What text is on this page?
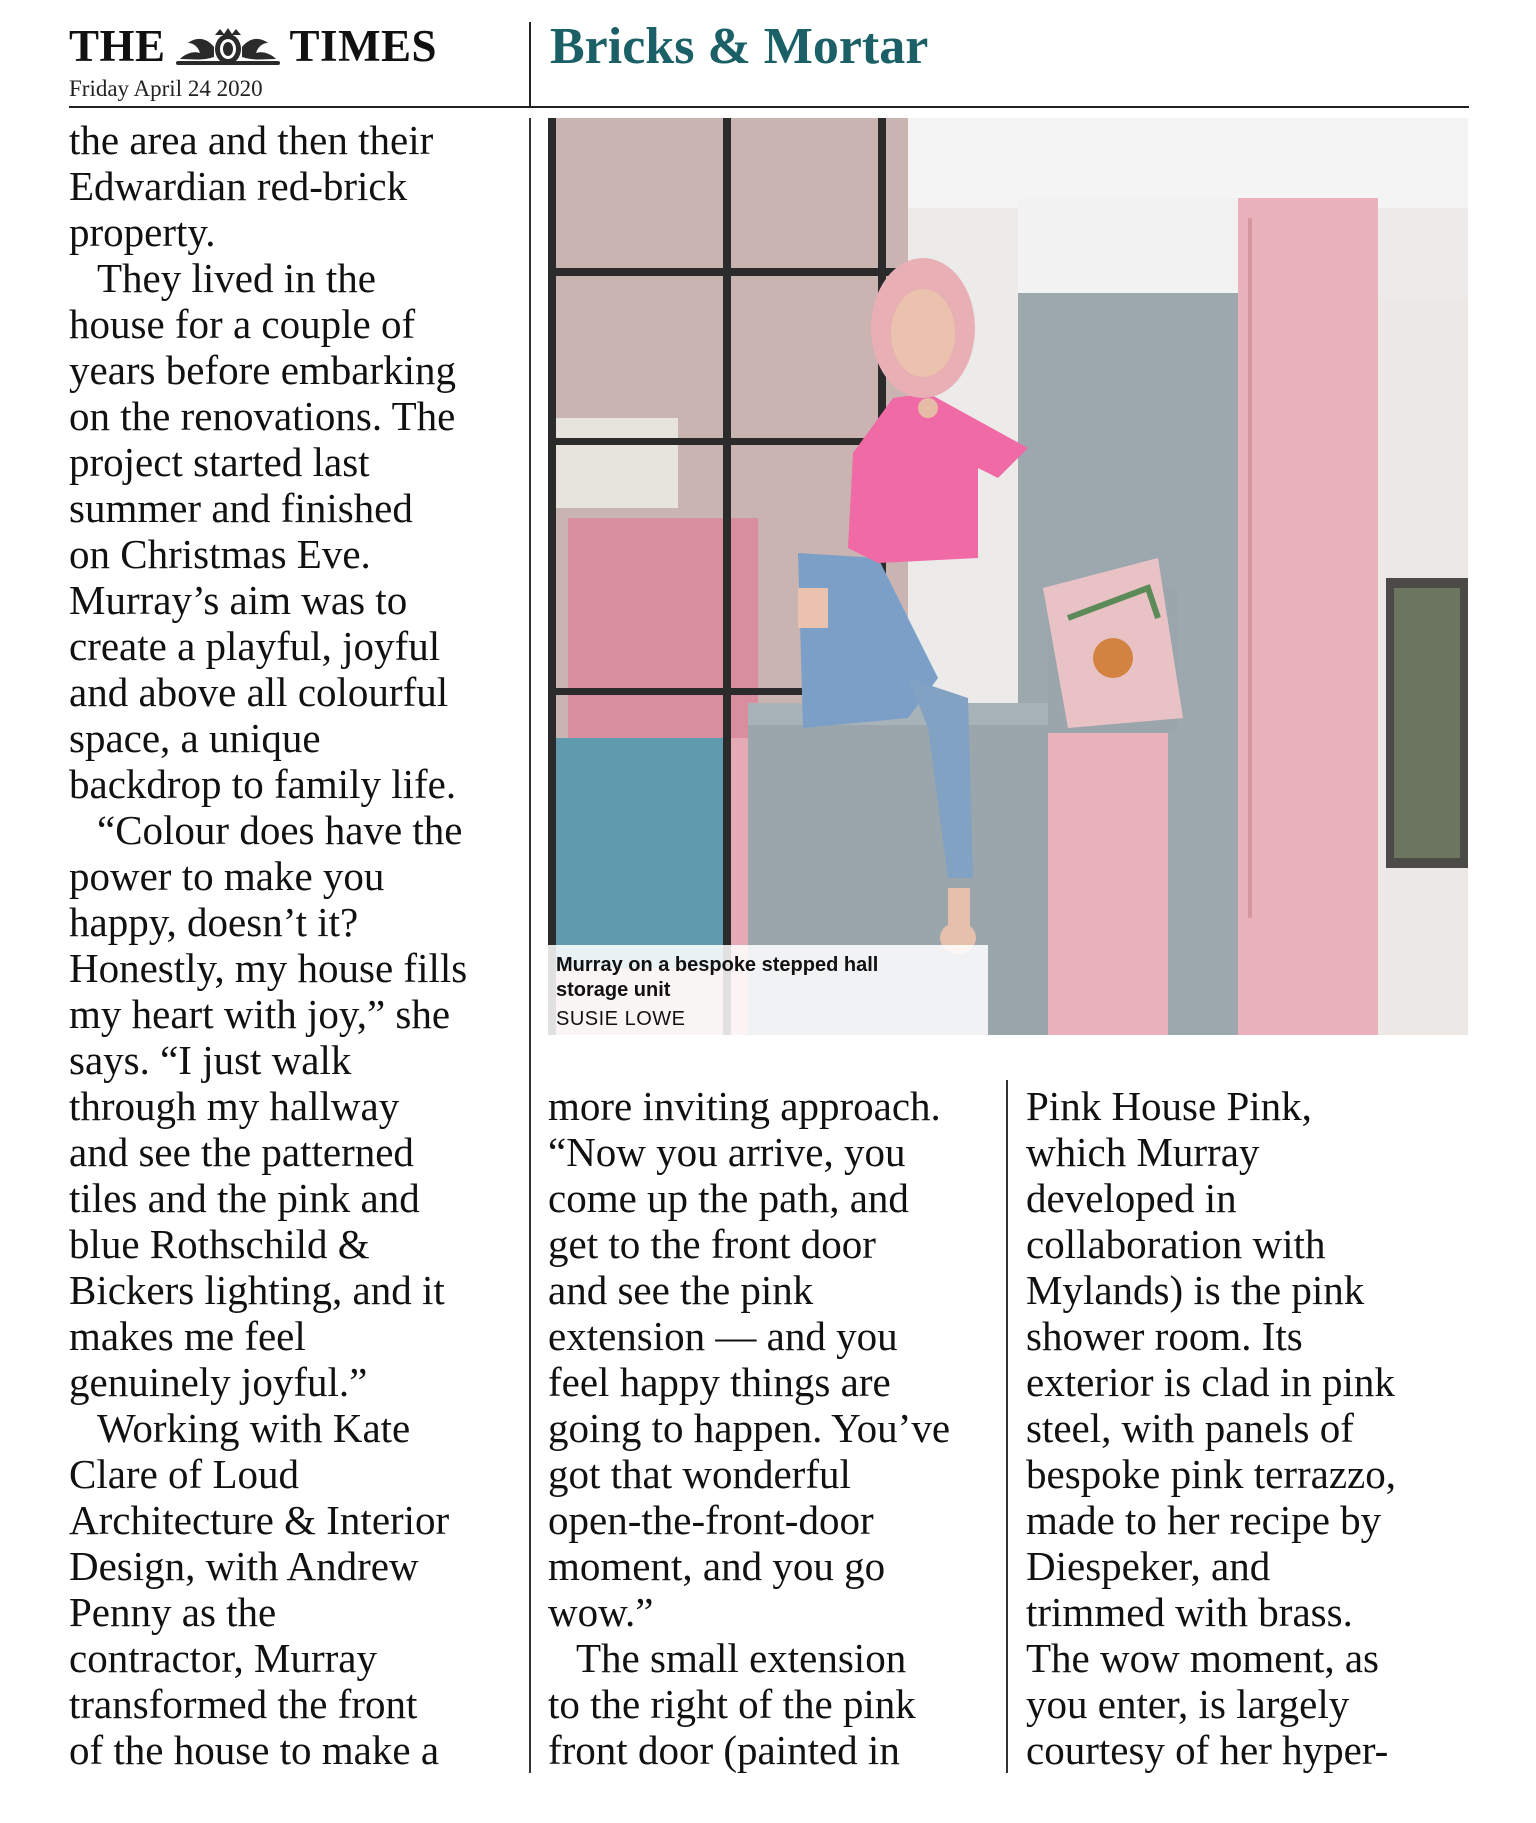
THE	TIMES
Friday April 24 2020
Bricks & Mortar
the area and then their
Edwardian red-brick
property.
They lived in the
house for a couple of
years before embarking
on the renovations. The
project started last
summer and finished
on Christmas Eve.
Murray’s aim was to
create a playful, joyful
and above all colourful
space, a unique
backdrop to family life.
“Colour does have the
power to make you
happy, doesn’t it?
Honestly, my house fills
my heart with joy,” she
says. “I just walk
through my hallway
and see the patterned
tiles and the pink and
blue Rothschild &
Bickers lighting, and it
makes me feel
genuinely joyful.”
Working with Kate
Clare of Loud
Architecture & Interior
Design, with Andrew
Penny as the
contractor, Murray
transformed the front
of the house to make a
Murray on a bespoke stepped hall
storage unit
SUSIE LOWE
more inviting approach.
“Now you arrive, you
come up the path, and
get to the front door
and see the pink
extension — and you
feel happy things are
going to happen. You’ve
got that wonderful
open-the-front-door
moment, and you go
wow.”
The small extension
to the right of the pink
front door (painted in
Pink House Pink,
which Murray
developed in
collaboration with
Mylands) is the pink
shower room. Its
exterior is clad in pink
steel, with panels of
bespoke pink terrazzo,
made to her recipe by
Diespeker, and
trimmed with brass.
The wow moment, as
you enter, is largely
courtesy of her hyper-
